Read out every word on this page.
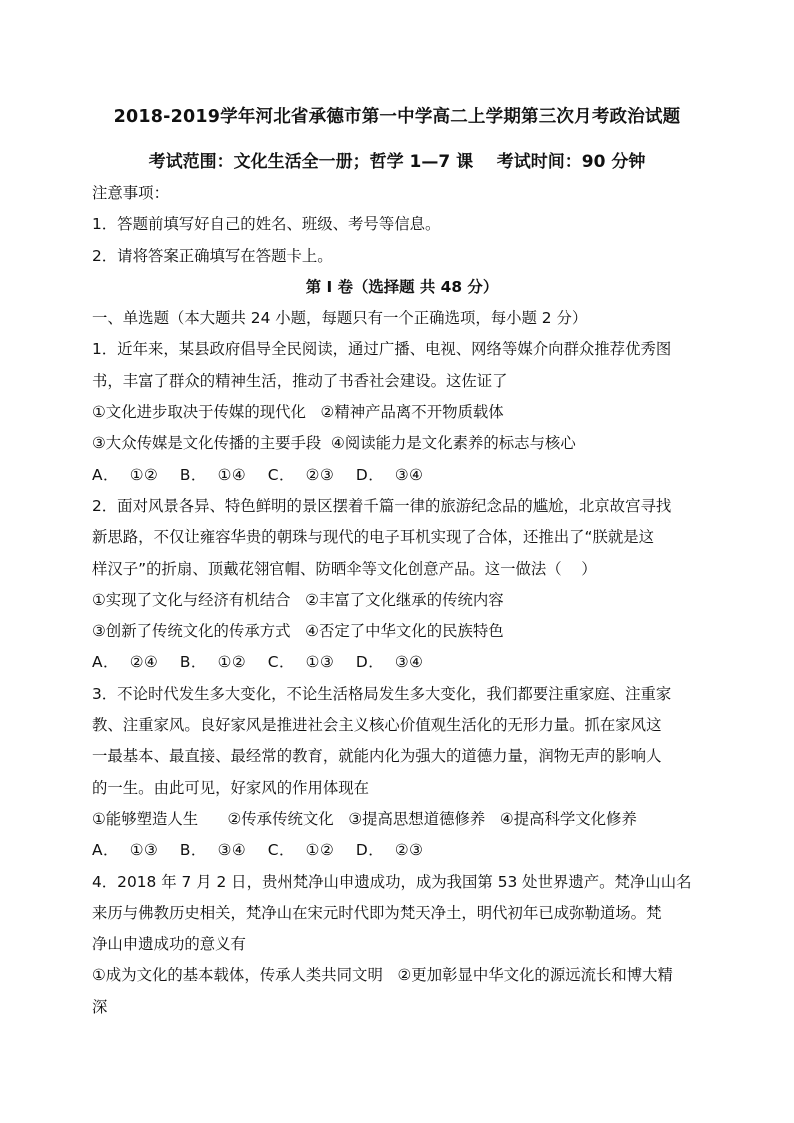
2018-2019学年河北省承德市第一中学高二上学期第三次月考政治试题
考试范围：文化生活全一册；哲学 1—7 课    考试时间：90 分钟
注意事项：
1．答题前填写好自己的姓名、班级、考号等信息。
2．请将答案正确填写在答题卡上。
第 I 卷（选择题 共 48 分）
一、单选题（本大题共 24 小题，每题只有一个正确选项，每小题 2 分）
1．近年来，某县政府倡导全民阅读，通过广播、电视、网络等媒介向群众推荐优秀图
书，丰富了群众的精神生活，推动了书香社会建设。这佐证了
①文化进步取决于传媒的现代化   ②精神产品离不开物质载体
③大众传媒是文化传播的主要手段  ④阅读能力是文化素养的标志与核心
A．  ①②    B．  ①④    C．  ②③    D．  ③④
2．面对风景各异、特色鲜明的景区摆着千篇一律的旅游纪念品的尴尬，北京故宫寻找
新思路，不仅让雍容华贵的朝珠与现代的电子耳机实现了合体，还推出了“朕就是这
样汉子”的折扇、顶戴花翎官帽、防晒伞等文化创意产品。这一做法（    ）
①实现了文化与经济有机结合   ②丰富了文化继承的传统内容
③创新了传统文化的传承方式   ④否定了中华文化的民族特色
A．  ②④    B．  ①②    C．  ①③    D．  ③④
3．不论时代发生多大变化，不论生活格局发生多大变化，我们都要注重家庭、注重家
教、注重家风。良好家风是推进社会主义核心价值观生活化的无形力量。抓在家风这
一最基本、最直接、最经常的教育，就能内化为强大的道德力量，润物无声的影响人
的一生。由此可见，好家风的作用体现在
①能够塑造人生      ②传承传统文化   ③提高思想道德修养   ④提高科学文化修养
A．  ①③    B．  ③④    C．  ①②    D．  ②③
4．2018 年 7 月 2 日，贵州梵净山申遗成功，成为我国第 53 处世界遗产。梵净山山名
来历与佛教历史相关，梵净山在宋元时代即为梵天净土，明代初年已成弥勒道场。梵
净山申遗成功的意义有
①成为文化的基本载体，传承人类共同文明   ②更加彰显中华文化的源远流长和博大精
深
